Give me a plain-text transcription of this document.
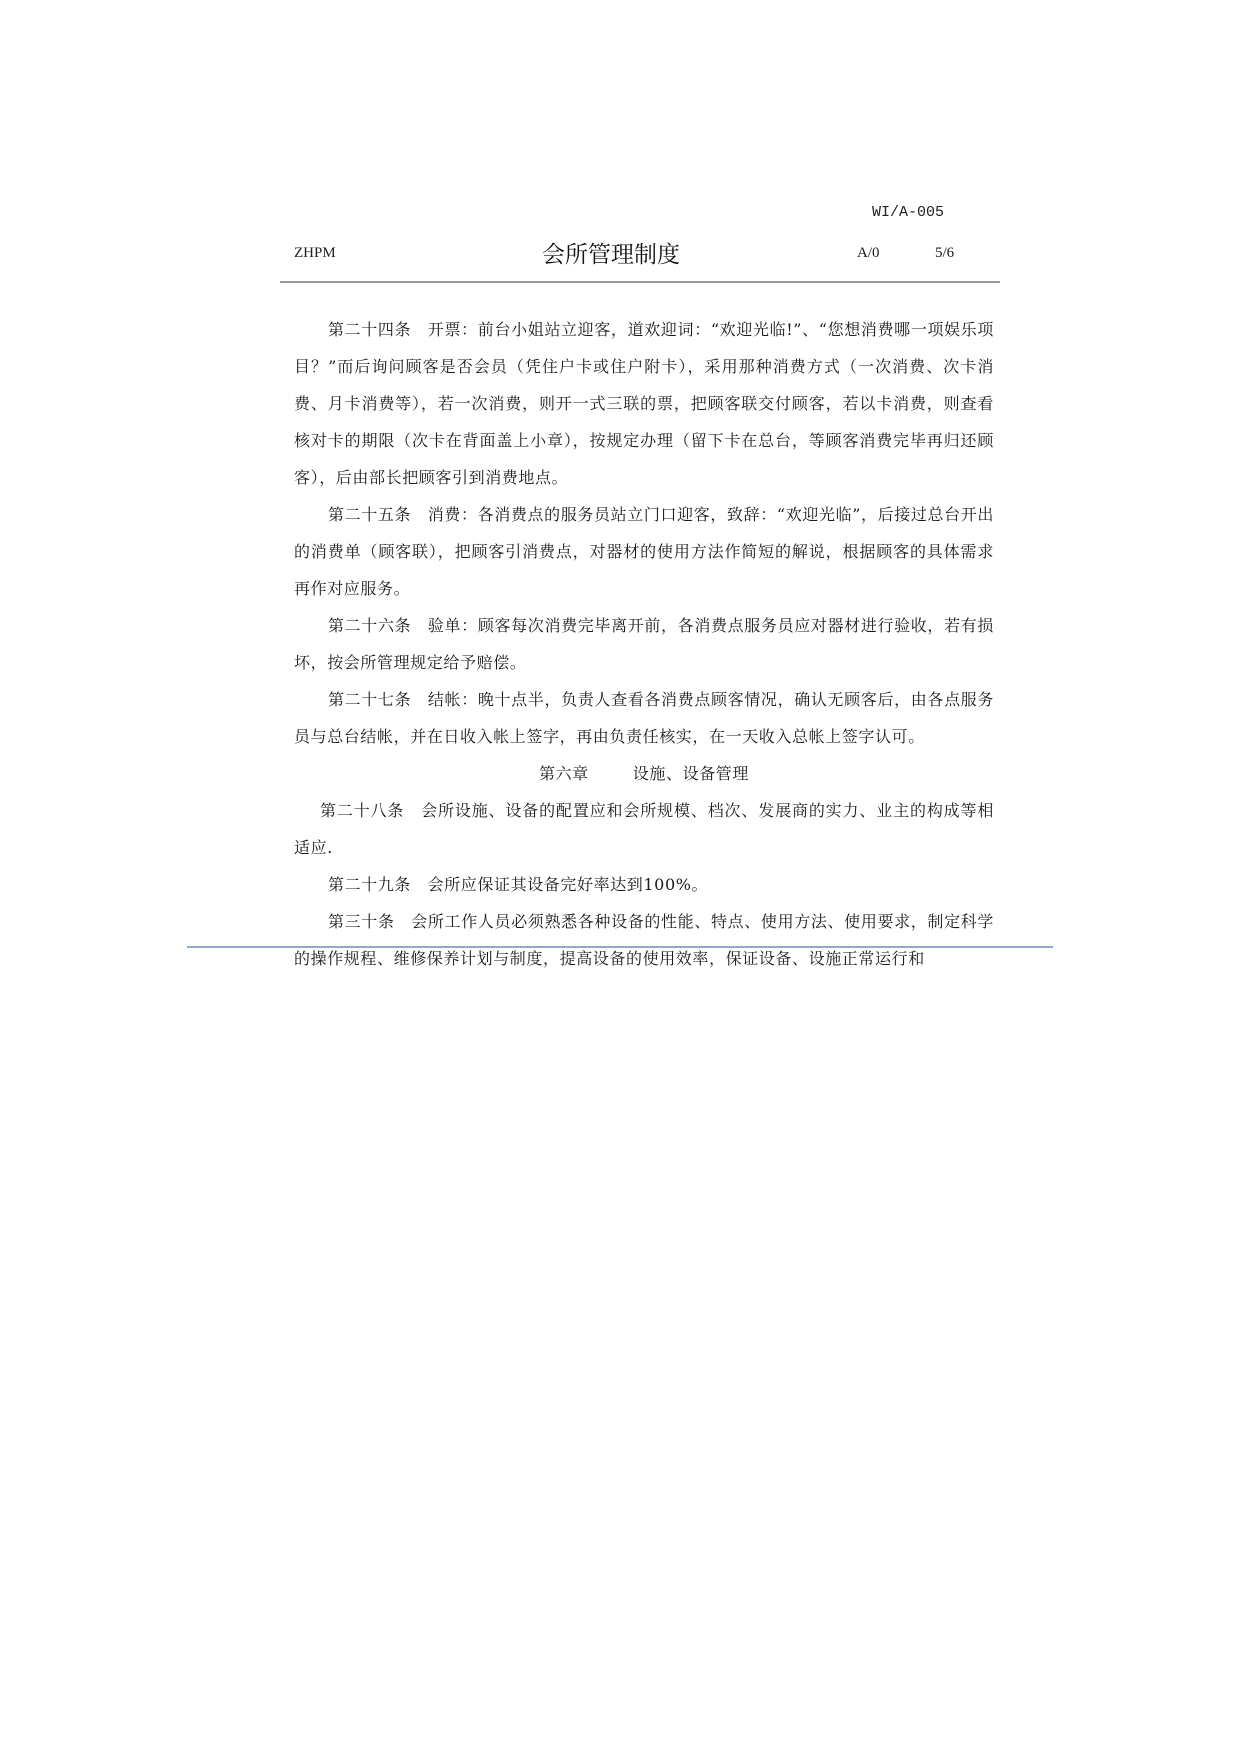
WI/A-005
ZHPM	会所管理制度	A/0	5/6

第二十四条　开票：前台小姐站立迎客，道欢迎词：“欢迎光临!”、“您想消费哪一项娱乐项目？”而后询问顾客是否会员（凭住户卡或住户附卡），采用那种消费方式（一次消费、次卡消费、月卡消费等），若一次消费，则开一式三联的票，把顾客联交付顾客，若以卡消费，则查看核对卡的期限（次卡在背面盖上小章），按规定办理（留下卡在总台，等顾客消费完毕再归还顾客），后由部长把顾客引到消费地点。

第二十五条　消费：各消费点的服务员站立门口迎客，致辞：“欢迎光临”，后接过总台开出的消费单（顾客联），把顾客引消费点，对器材的使用方法作简短的解说，根据顾客的具体需求再作对应服务。

第二十六条　验单：顾客每次消费完毕离开前，各消费点服务员应对器材进行验收，若有损坏，按会所管理规定给予赔偿。

第二十七条　结帐：晚十点半，负责人查看各消费点顾客情况，确认无顾客后，由各点服务员与总台结帐，并在日收入帐上签字，再由负责任核实，在一天收入总帐上签字认可。

第六章	设施、设备管理

第二十八条　会所设施、设备的配置应和会所规模、档次、发展商的实力、业主的构成等相适应.

第二十九条　会所应保证其设备完好率达到100%。

第三十条　会所工作人员必须熟悉各种设备的性能、特点、使用方法、使用要求，制定科学的操作规程、维修保养计划与制度，提高设备的使用效率，保证设备、设施正常运行和
